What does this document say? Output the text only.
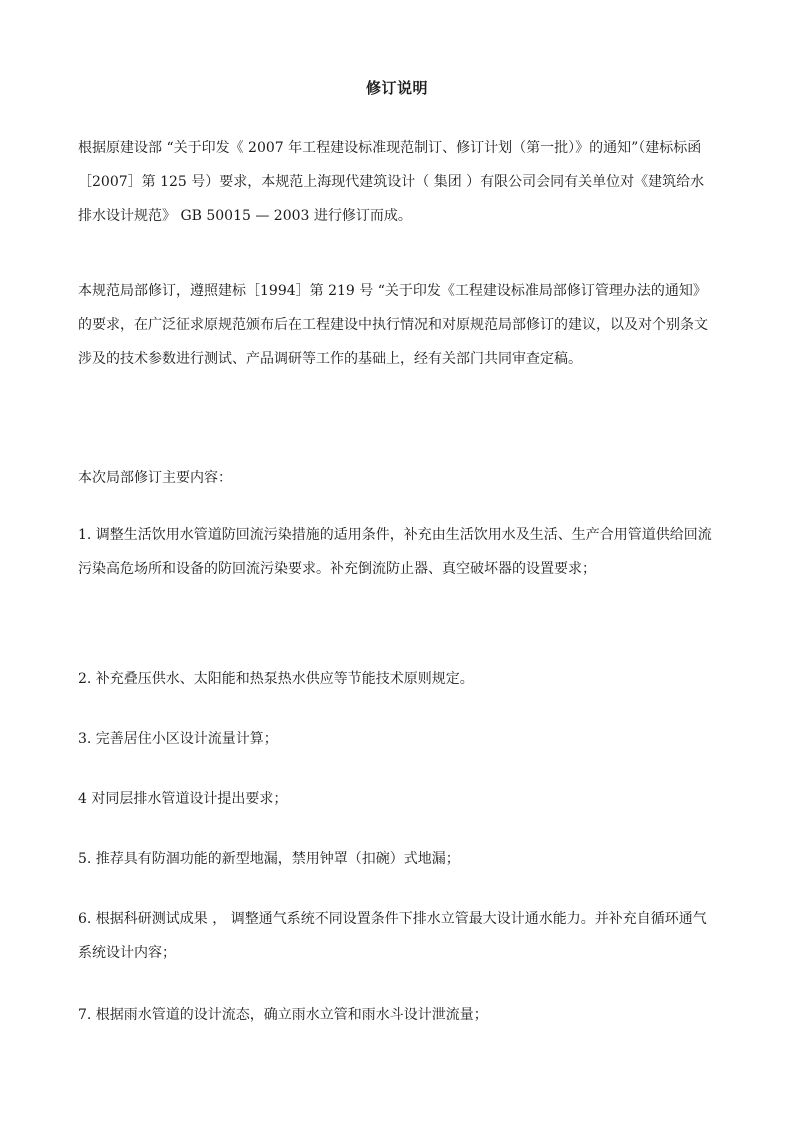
修订说明

根据原建设部 “关于印发《 2007 年工程建设标准现范制订、修订计划（第一批）》的通知”（建标标函［2007］第 125 号）要求，本规范上海现代建筑设计（ 集团 ）有限公司会同有关单位对《建筑给水排水设计规范》 GB 50015 — 2003 进行修订而成。

本规范局部修订，遵照建标［1994］第 219 号 “关于印发《工程建设标准局部修订管理办法的通知》的要求，在广泛征求原规范颁布后在工程建设中执行情况和对原规范局部修订的建议，以及对个别条文涉及的技术参数进行测试、产品调研等工作的基础上，经有关部门共同审查定稿。

本次局部修订主要内容：

1. 调整生活饮用水管道防回流污染措施的适用条件，补充由生活饮用水及生活、生产合用管道供给回流污染高危场所和设备的防回流污染要求。补充倒流防止器、真空破坏器的设置要求；

2. 补充叠压供水、太阳能和热泵热水供应等节能技术原则规定。

3. 完善居住小区设计流量计算；

4 对同层排水管道设计提出要求；

5. 推荐具有防涸功能的新型地漏，禁用钟罩（扣碗）式地漏；

6. 根据科研测试成果 ， 调整通气系统不同设置条件下排水立管最大设计通水能力。并补充自循环通气系统设计内容；

7. 根据雨水管道的设计流态，确立雨水立管和雨水斗设计泄流量；
